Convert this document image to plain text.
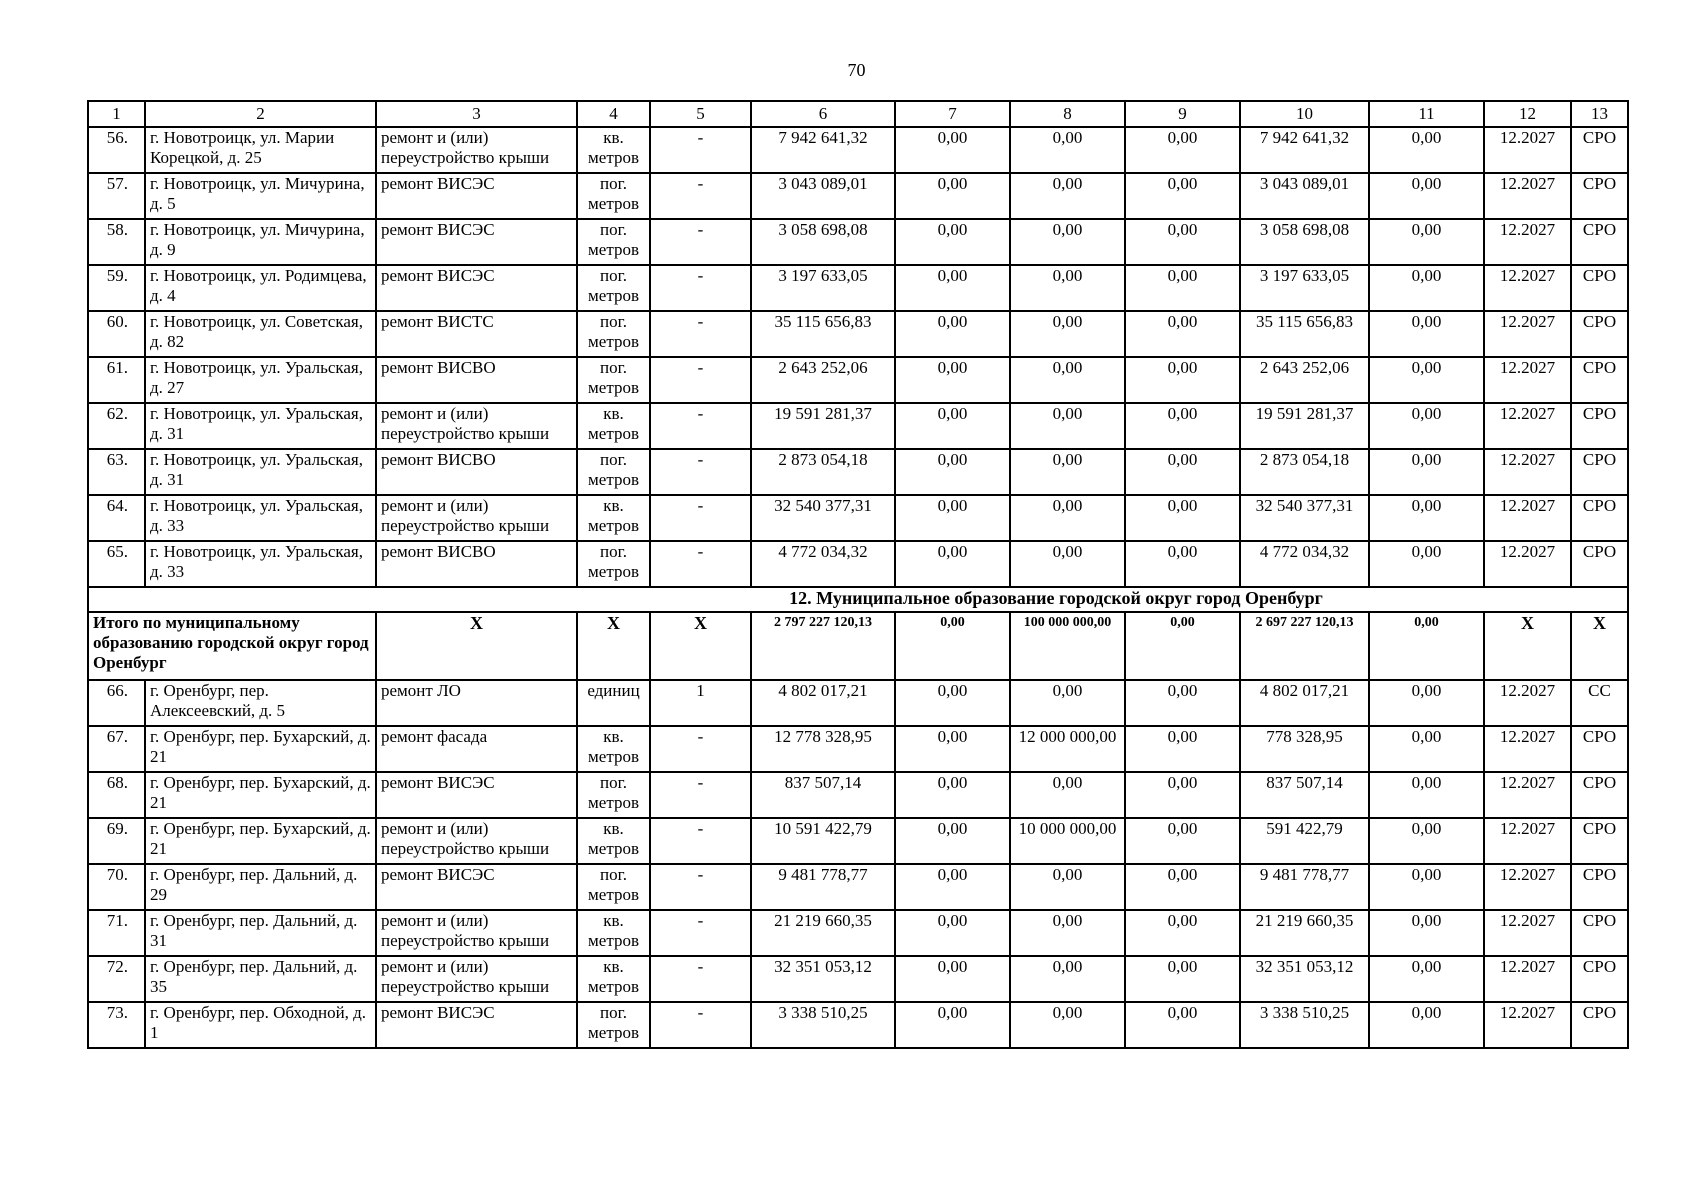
70
1	2	3	4	5	6	7	8	9	10	11	12	13
56.	г. Новотроицк, ул. Марии Корецкой, д. 25	ремонт и (или) переустройство крыши	кв. метров	-	7 942 641,32	0,00	0,00	0,00	7 942 641,32	0,00	12.2027	СРО
57.	г. Новотроицк, ул. Мичурина, д. 5	ремонт ВИСЭС	пог. метров	-	3 043 089,01	0,00	0,00	0,00	3 043 089,01	0,00	12.2027	СРО
58.	г. Новотроицк, ул. Мичурина, д. 9	ремонт ВИСЭС	пог. метров	-	3 058 698,08	0,00	0,00	0,00	3 058 698,08	0,00	12.2027	СРО
59.	г. Новотроицк, ул. Родимцева, д. 4	ремонт ВИСЭС	пог. метров	-	3 197 633,05	0,00	0,00	0,00	3 197 633,05	0,00	12.2027	СРО
60.	г. Новотроицк, ул. Советская, д. 82	ремонт ВИСТС	пог. метров	-	35 115 656,83	0,00	0,00	0,00	35 115 656,83	0,00	12.2027	СРО
61.	г. Новотроицк, ул. Уральская, д. 27	ремонт ВИСВО	пог. метров	-	2 643 252,06	0,00	0,00	0,00	2 643 252,06	0,00	12.2027	СРО
62.	г. Новотроицк, ул. Уральская, д. 31	ремонт и (или) переустройство крыши	кв. метров	-	19 591 281,37	0,00	0,00	0,00	19 591 281,37	0,00	12.2027	СРО
63.	г. Новотроицк, ул. Уральская, д. 31	ремонт ВИСВО	пог. метров	-	2 873 054,18	0,00	0,00	0,00	2 873 054,18	0,00	12.2027	СРО
64.	г. Новотроицк, ул. Уральская, д. 33	ремонт и (или) переустройство крыши	кв. метров	-	32 540 377,31	0,00	0,00	0,00	32 540 377,31	0,00	12.2027	СРО
65.	г. Новотроицк, ул. Уральская, д. 33	ремонт ВИСВО	пог. метров	-	4 772 034,32	0,00	0,00	0,00	4 772 034,32	0,00	12.2027	СРО
12. Муниципальное образование городской округ город Оренбург												
Итого по муниципальному образованию городской округ город Оренбург		X	X	X	2 797 227 120,13	0,00	100 000 000,00	0,00	2 697 227 120,13	0,00	X	X
66.	г. Оренбург, пер. Алексеевский, д. 5	ремонт ЛО	единиц	1	4 802 017,21	0,00	0,00	0,00	4 802 017,21	0,00	12.2027	СС
67.	г. Оренбург, пер. Бухарский, д. 21	ремонт фасада	кв. метров	-	12 778 328,95	0,00	12 000 000,00	0,00	778 328,95	0,00	12.2027	СРО
68.	г. Оренбург, пер. Бухарский, д. 21	ремонт ВИСЭС	пог. метров	-	837 507,14	0,00	0,00	0,00	837 507,14	0,00	12.2027	СРО
69.	г. Оренбург, пер. Бухарский, д. 21	ремонт и (или) переустройство крыши	кв. метров	-	10 591 422,79	0,00	10 000 000,00	0,00	591 422,79	0,00	12.2027	СРО
70.	г. Оренбург, пер. Дальний, д. 29	ремонт ВИСЭС	пог. метров	-	9 481 778,77	0,00	0,00	0,00	9 481 778,77	0,00	12.2027	СРО
71.	г. Оренбург, пер. Дальний, д. 31	ремонт и (или) переустройство крыши	кв. метров	-	21 219 660,35	0,00	0,00	0,00	21 219 660,35	0,00	12.2027	СРО
72.	г. Оренбург, пер. Дальний, д. 35	ремонт и (или) переустройство крыши	кв. метров	-	32 351 053,12	0,00	0,00	0,00	32 351 053,12	0,00	12.2027	СРО
73.	г. Оренбург, пер. Обходной, д. 1	ремонт ВИСЭС	пог. метров	-	3 338 510,25	0,00	0,00	0,00	3 338 510,25	0,00	12.2027	СРО
